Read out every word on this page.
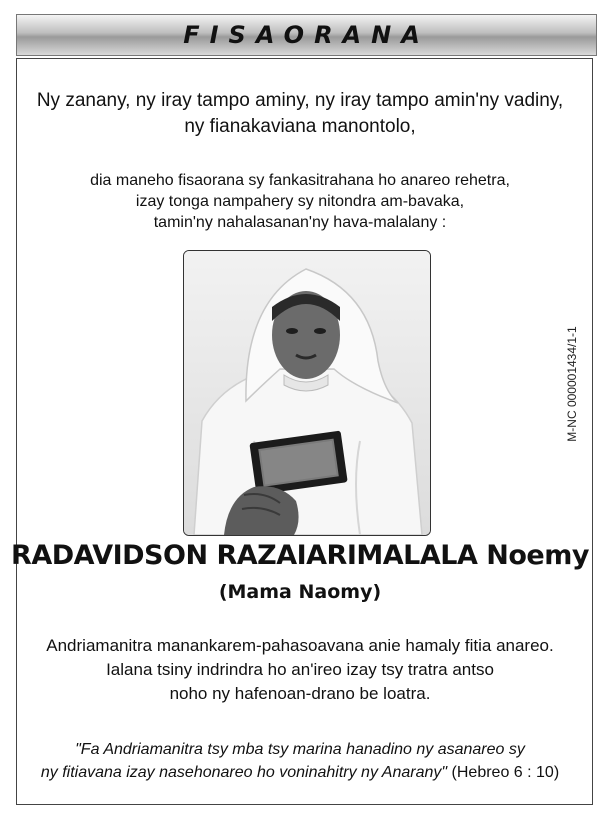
FISAORANA
Ny zanany, ny iray tampo aminy, ny iray tampo amin'ny vadiny,
ny fianakaviana manontolo,
dia maneho fisaorana sy fankasitrahana ho anareo rehetra,
izay tonga nampahery sy nitondra am-bavaka,
tamin'ny nahalasanan'ny hava-malalany :
M-NC 000001434/1-1
RADAVIDSON RAZAIARIMALALA Noemy
(Mama Naomy)
Andriamanitra manankarem-pahasoavana anie hamaly fitia anareo.
Ialana tsiny indrindra ho an'ireo izay tsy tratra antso
noho ny hafenoan-drano be loatra.
"Fa Andriamanitra tsy mba tsy marina hanadino ny asanareo sy
ny fitiavana izay nasehonareo ho voninahitry ny Anarany" (Hebreo 6 : 10)
